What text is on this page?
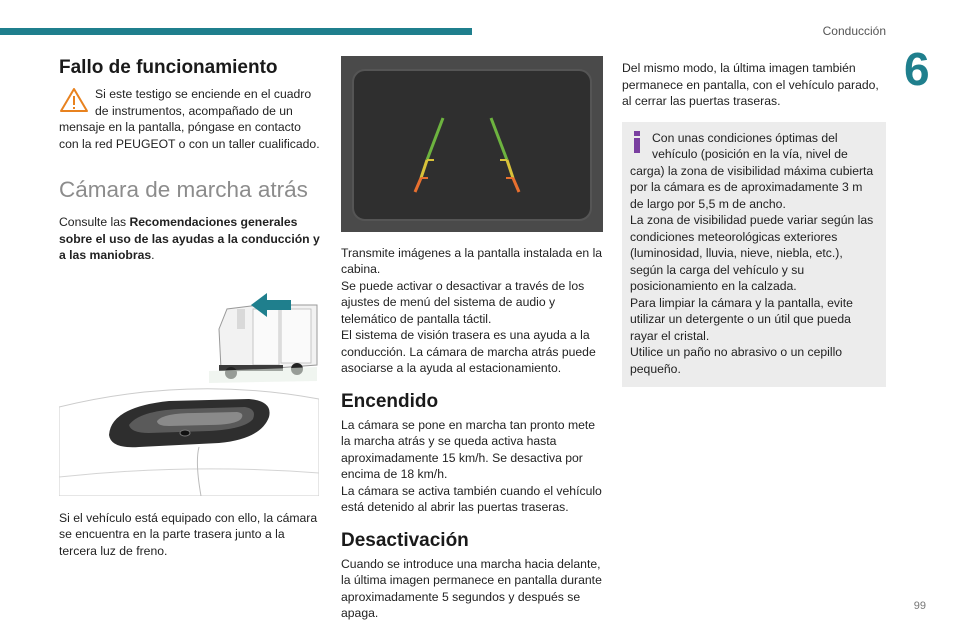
Conducción
6
99
Fallo de funcionamiento

Si este testigo se enciende en el cuadro de instrumentos, acompañado de un mensaje en la pantalla, póngase en contacto con la red PEUGEOT o con un taller cualificado.

Cámara de marcha atrás

Consulte las Recomendaciones generales sobre el uso de las ayudas a la conducción y a las maniobras.

Si el vehículo está equipado con ello, la cámara se encuentra en la parte trasera junto a la tercera luz de freno.

Transmite imágenes a la pantalla instalada en la cabina.

Se puede activar o desactivar a través de los ajustes de menú del sistema de audio y telemático de pantalla táctil.

El sistema de visión trasera es una ayuda a la conducción. La cámara de marcha atrás puede asociarse a la ayuda al estacionamiento.

Encendido

La cámara se pone en marcha tan pronto mete la marcha atrás y se queda activa hasta aproximadamente 15 km/h. Se desactiva por encima de 18 km/h.

La cámara se activa también cuando el vehículo está detenido al abrir las puertas traseras.

Desactivación

Cuando se introduce una marcha hacia delante, la última imagen permanece en pantalla durante aproximadamente 5 segundos y después se apaga.

Del mismo modo, la última imagen también permanece en pantalla, con el vehículo parado, al cerrar las puertas traseras.

Con unas condiciones óptimas del vehículo (posición en la vía, nivel de carga) la zona de visibilidad máxima cubierta por la cámara es de aproximadamente 3 m de largo por 5,5 m de ancho.

La zona de visibilidad puede variar según las condiciones meteorológicas exteriores (luminosidad, lluvia, nieve, niebla, etc.), según la carga del vehículo y su posicionamiento en la calzada.

Para limpiar la cámara y la pantalla, evite utilizar un detergente o un útil que pueda rayar el cristal.

Utilice un paño no abrasivo o un cepillo pequeño.
